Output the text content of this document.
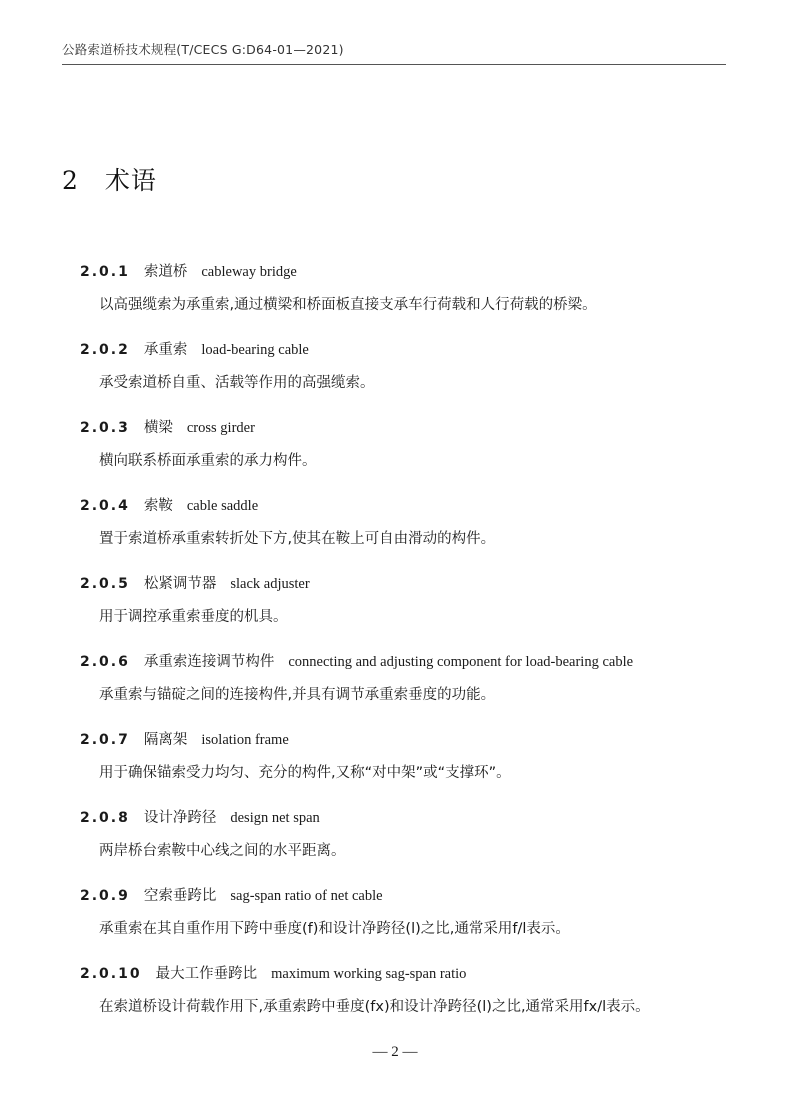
公路索道桥技术规程(T/CECS G:D64-01—2021)
2 术语
2.0.1 索道桥 cableway bridge
以高强缆索为承重索,通过横梁和桥面板直接支承车行荷载和人行荷载的桥梁。
2.0.2 承重索 load-bearing cable
承受索道桥自重、活载等作用的高强缆索。
2.0.3 横梁 cross girder
横向联系桥面承重索的承力构件。
2.0.4 索鞍 cable saddle
置于索道桥承重索转折处下方,使其在鞍上可自由滑动的构件。
2.0.5 松紧调节器 slack adjuster
用于调控承重索垂度的机具。
2.0.6 承重索连接调节构件 connecting and adjusting component for load-bearing cable
承重索与锚碇之间的连接构件,并具有调节承重索垂度的功能。
2.0.7 隔离架 isolation frame
用于确保锚索受力均匀、充分的构件,又称“对中架”或“支撑环”。
2.0.8 设计净跨径 design net span
两岸桥台索鞍中心线之间的水平距离。
2.0.9 空索垂跨比 sag-span ratio of net cable
承重索在其自重作用下跨中垂度(f)和设计净跨径(l)之比,通常采用f/l表示。
2.0.10 最大工作垂跨比 maximum working sag-span ratio
在索道桥设计荷载作用下,承重索跨中垂度(fx)和设计净跨径(l)之比,通常采用fx/l表示。
— 2 —
